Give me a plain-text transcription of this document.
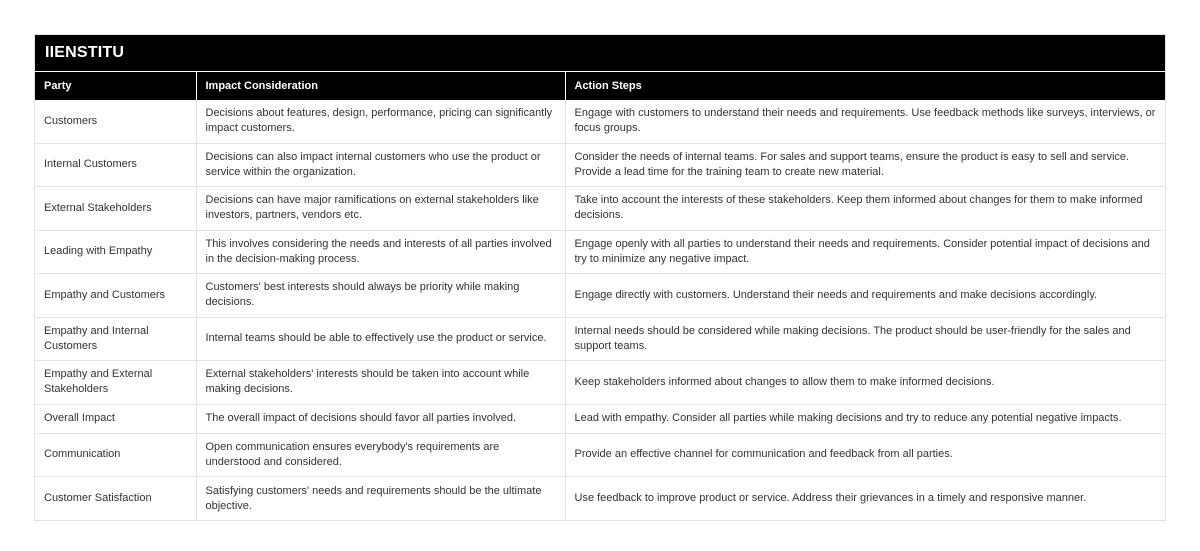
IIENSTITU
Party	Impact Consideration	Action Steps
Customers	Decisions about features, design, performance, pricing can significantly impact customers.	Engage with customers to understand their needs and requirements. Use feedback methods like surveys, interviews, or focus groups.
Internal Customers	Decisions can also impact internal customers who use the product or service within the organization.	Consider the needs of internal teams. For sales and support teams, ensure the product is easy to sell and service. Provide a lead time for the training team to create new material.
External Stakeholders	Decisions can have major ramifications on external stakeholders like investors, partners, vendors etc.	Take into account the interests of these stakeholders. Keep them informed about changes for them to make informed decisions.
Leading with Empathy	This involves considering the needs and interests of all parties involved in the decision-making process.	Engage openly with all parties to understand their needs and requirements. Consider potential impact of decisions and try to minimize any negative impact.
Empathy and Customers	Customers' best interests should always be priority while making decisions.	Engage directly with customers. Understand their needs and requirements and make decisions accordingly.
Empathy and Internal Customers	Internal teams should be able to effectively use the product or service.	Internal needs should be considered while making decisions. The product should be user-friendly for the sales and support teams.
Empathy and External Stakeholders	External stakeholders' interests should be taken into account while making decisions.	Keep stakeholders informed about changes to allow them to make informed decisions.
Overall Impact	The overall impact of decisions should favor all parties involved.	Lead with empathy. Consider all parties while making decisions and try to reduce any potential negative impacts.
Communication	Open communication ensures everybody's requirements are understood and considered.	Provide an effective channel for communication and feedback from all parties.
Customer Satisfaction	Satisfying customers' needs and requirements should be the ultimate objective.	Use feedback to improve product or service. Address their grievances in a timely and responsive manner.
